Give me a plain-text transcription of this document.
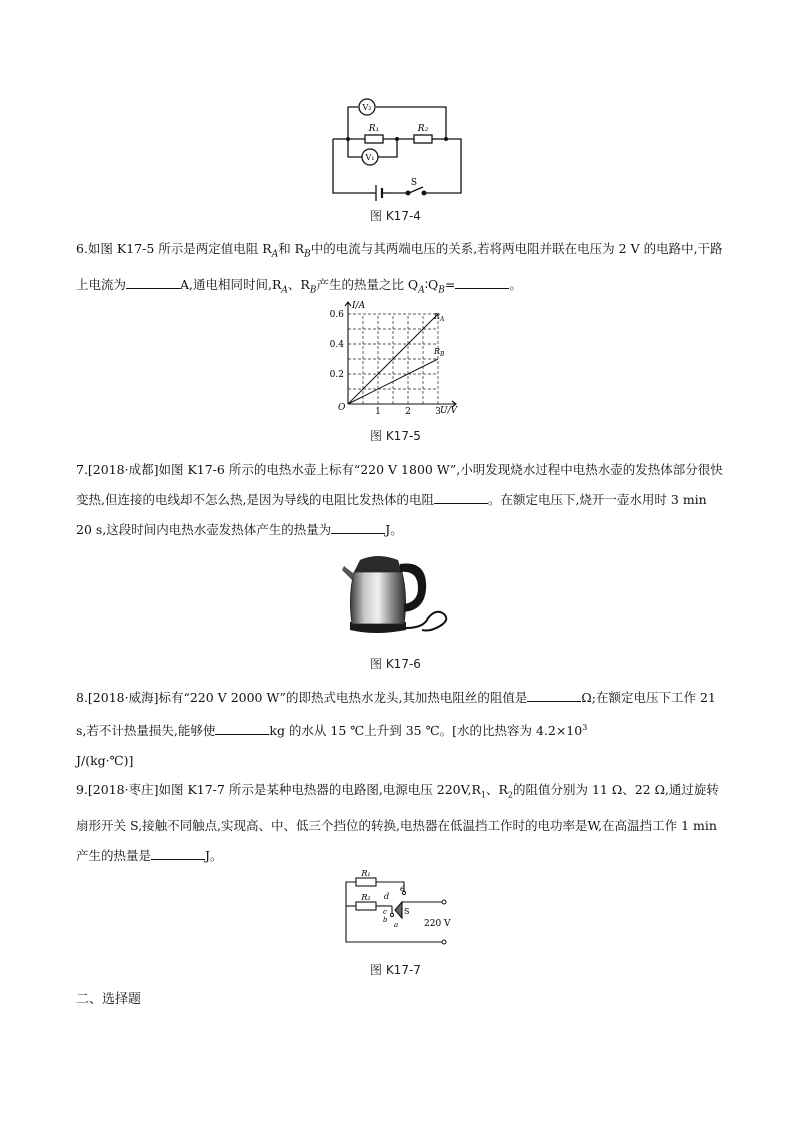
V₂
V₁
R₁	R₂
S
图 K17-4
6.如图 K17-5 所示是两定值电阻 $R_A$和 $R_B$中的电流与其两端电压的关系,若将两电阻并联在电压为 2 V 的电路中,干路上电流为	A,通电相同时间$,R_A$、$R_B$产生的热量之比 $Q_A∶Q_B=$	。
0.2
0.4
0.6
1	2	3
I/A
U/V
O
$R_A$
$R_B$
图 K17-5
7.[2018·成都]如图 K17-6 所示的电热水壶上标有“220 V 1800 W”,小明发现烧水过程中电热水壶的发热体部分很快变热,但连接的电线却不怎么热,是因为导线的电阻比发热体的电阻	。在额定电压下,烧开一壶水用时 3 min 20 s,这段时间内电热水壶发热体产生的热量为	J。
图 K17-6
8.[2018·威海]标有“220 V 2000 W”的即热式电热水龙头,其加热电阻丝的阻值是	Ω;在额定电压下工作 21 s,若不计热量损失,能够使	kg 的水从 15 ℃上升到 35 ℃。[水的比热容为 $4.2\times 10^3$
J/(kg·℃)]
9.[2018·枣庄]如图 K17-7 所示是某种电热器的电路图,电源电压 $220V,R_1$、$R_2$的阻值分别为 11 Ω、22 Ω,通过旋转扇形开关 S,接触不同触点,实现高、中、低三个挡位的转换,电热器在低温挡工作时的电功率是W,在高温挡工作 1 min 产生的热量是	J。
R₁
R₂
e
d
c
b
a
S
220 V
图 K17-7
二、选择题
